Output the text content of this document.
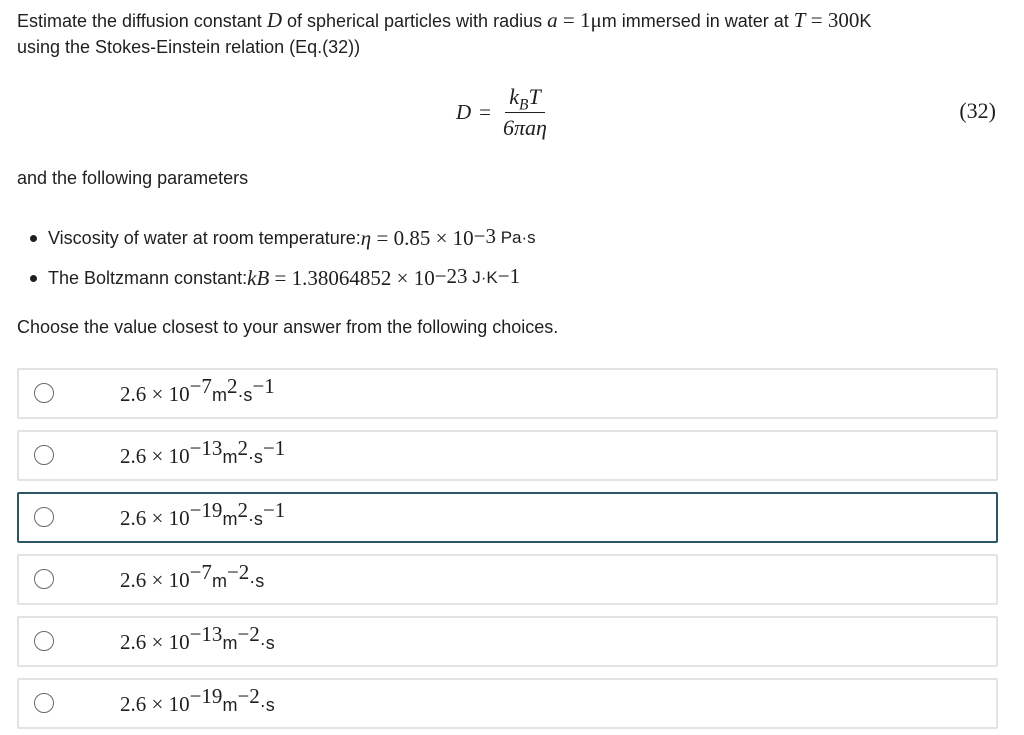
Estimate the diffusion constant D of spherical particles with radius a = 1μm immersed in water at T = 300K
using the Stokes-Einstein relation (Eq.(32))
$D = \frac{k_BT}{\text{6πaη}}$	(32)
and the following parameters
Viscosity of water at room temperature: $\eta = 0.85 \times 10^{-3}$ Pa·s
The Boltzmann constant: k $B = 1.38064852 \times 10^{-23}$ $J\cdot K^{-1}$
Choose the value closest to your answer from the following choices.
$2.6 \times 10^{-7}m^2\cdot s^{-1}$
$2.6 \times 10^{-13}m^2\cdot s^{-1}$
$2.6 \times 10^{-19}m^2\cdot s^{-1}$
$2.6 \times 10^{-7}m^{-2}\cdot s$
$2.6 \times 10^{-13}m^{-2}\cdot s$
$2.6 \times 10^{-19}m^{-2}\cdot s$
